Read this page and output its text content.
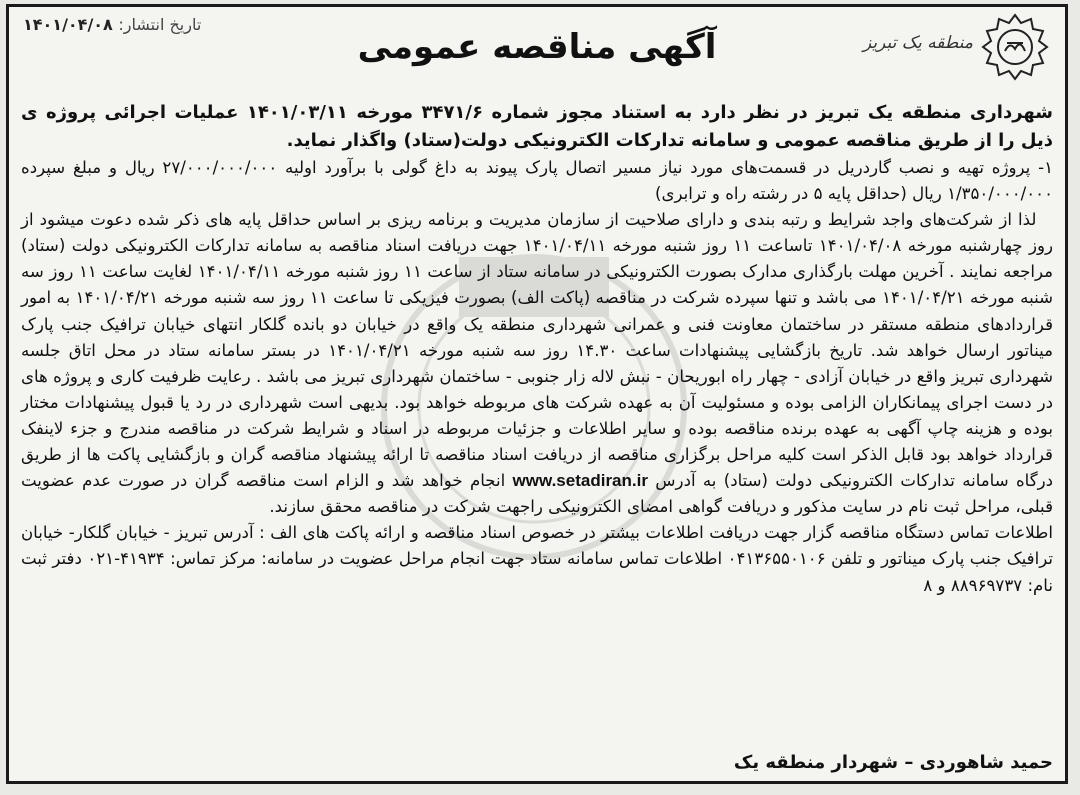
منطقه یک تبریز
آگهی مناقصه عمومی
تاریخ انتشار: ۱۴۰۱/۰۴/۰۸

شهرداری منطقه یک تبریز در نظر دارد به استناد مجوز شماره ۳۴۷۱/۶ مورخه ۱۴۰۱/۰۳/۱۱ عملیات اجرائی پروژه ی ذیل را از طریق مناقصه عمومی و سامانه تدارکات الکترونیکی دولت(ستاد) واگذار نماید.

۱- پروژه تهیه و نصب گاردریل در قسمت‌های مورد نیاز مسیر اتصال پارک پیوند به داغ گولی با برآورد اولیه ۲۷/۰۰۰/۰۰۰/۰۰۰ ریال و مبلغ سپرده ۱/۳۵۰/۰۰۰/۰۰۰ ریال (حداقل پایه ۵ در رشته راه و ترابری)

 لذا از شرکت‌های واجد شرایط و رتبه بندی و دارای صلاحیت از سازمان مدیریت و برنامه ریزی بر اساس حداقل پایه های ذکر شده دعوت میشود از روز چهارشنبه مورخه ۱۴۰۱/۰۴/۰۸ تاساعت ۱۱ روز شنبه مورخه ۱۴۰۱/۰۴/۱۱ جهت دریافت اسناد مناقصه به سامانه تدارکات الکترونیکی دولت (ستاد) مراجعه نمایند . آخرین مهلت بارگذاری مدارک بصورت الکترونیکی در سامانه ستاد از ساعت ۱۱ روز شنبه مورخه ۱۴۰۱/۰۴/۱۱ لغایت ساعت ۱۱ روز سه شنبه مورخه ۱۴۰۱/۰۴/۲۱ می باشد و تنها سپرده شرکت در مناقصه (پاکت الف) بصورت فیزیکی تا ساعت ۱۱ روز سه شنبه مورخه ۱۴۰۱/۰۴/۲۱ به امور قراردادهای منطقه مستقر در ساختمان معاونت فنی و عمرانی شهرداری منطقه یک واقع در خیابان دو بانده گلکار انتهای خیابان ترافیک جنب پارک میناتور ارسال خواهد شد. تاریخ بازگشایی پیشنهادات ساعت ۱۴.۳۰ روز سه شنبه مورخه ۱۴۰۱/۰۴/۲۱ در بستر سامانه ستاد در محل اتاق جلسه شهرداری تبریز واقع در خیابان آزادی - چهار راه ابوریحان - نبش لاله زار جنوبی - ساختمان شهرداری تبریز می باشد . رعایت ظرفیت کاری و پروژه های در دست اجرای پیمانکاران الزامی بوده و مسئولیت آن به عهده شرکت های مربوطه خواهد بود. بدیهی است شهرداری در رد یا قبول پیشنهادات مختار بوده و هزینه چاپ آگهی به عهده برنده مناقصه بوده و سایر اطلاعات و جزئیات مربوطه در اسناد و شرایط شرکت در مناقصه مندرج و جزء لاینفک قرارداد خواهد بود قابل الذکر است کلیه مراحل برگزاری مناقصه از دریافت اسناد مناقصه تا ارائه پیشنهاد مناقصه گران و بازگشایی پاکت ها از طریق درگاه سامانه تدارکات الکترونیکی دولت (ستاد) به آدرس www.setadiran.ir انجام خواهد شد و الزام است مناقصه گران در صورت عدم عضویت قبلی، مراحل ثبت نام در سایت مذکور و دریافت گواهی امضای الکترونیکی راجهت شرکت در مناقصه محقق سازند.

اطلاعات تماس دستگاه مناقصه گزار جهت دریافت اطلاعات بیشتر در خصوص اسناد مناقصه و ارائه پاکت های الف : آدرس تبریز - خیابان گلکار- خیابان ترافیک جنب پارک میناتور و تلفن ۰۴۱۳۶۵۵۰۱۰۶ اطلاعات تماس سامانه ستاد جهت انجام مراحل عضویت در سامانه: مرکز تماس: ۴۱۹۳۴-۰۲۱ دفتر ثبت نام: ۸۸۹۶۹۷۳۷ و ۸

حمید شاهوردی – شهردار منطقه یک
